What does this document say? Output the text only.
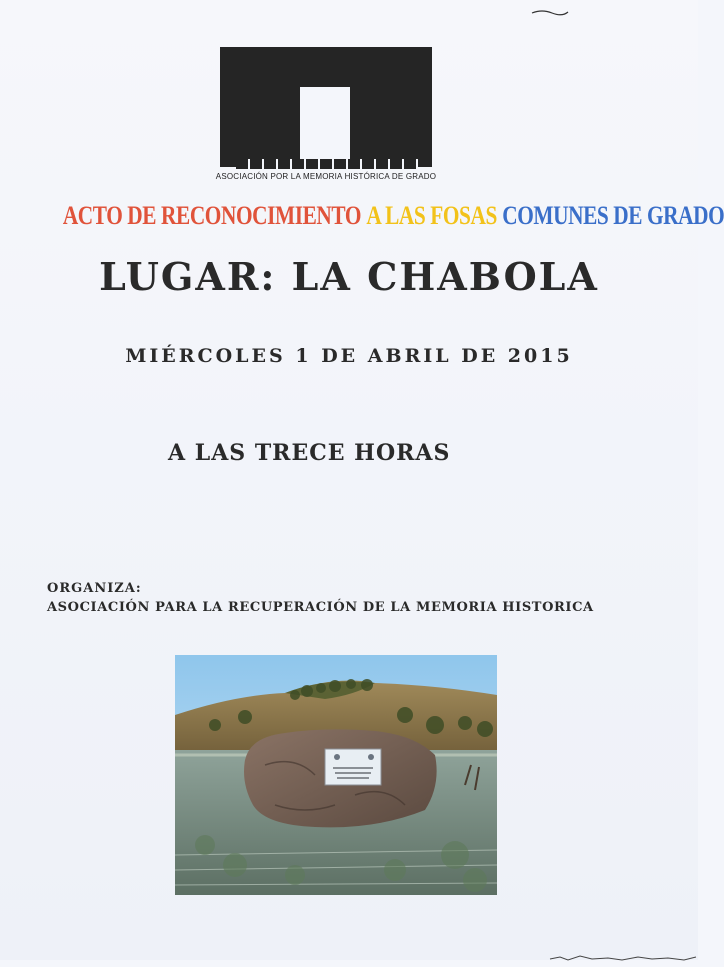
ASOCIACIÓN POR LA MEMORIA HISTÓRICA DE GRADO
ACTO DE RECONOCIMIENTO A LAS FOSAS COMUNES DE GRADO
LUGAR: LA CHABOLA
MIÉRCOLES 1 DE ABRIL DE 2015
A LAS TRECE HORAS
ORGANIZA:
ASOCIACIÓN PARA LA RECUPERACIÓN DE LA MEMORIA HISTORICA
